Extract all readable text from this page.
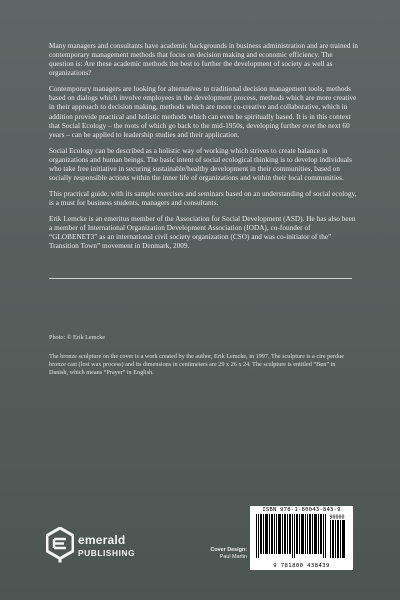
Many managers and consultants have academic backgrounds in business administration and are trained in contemporary management methods that focus on decision making and economic efficiency. The question is: Are these academic methods the best to further the development of society as well as organizations?

Contemporary managers are looking for alternatives to traditional decision management tools, methods based on dialogs which involve employees in the development process, methods which are more creative in their approach to decision making, methods which are more co-creative and collaborative, which in addition provide practical and holistic methods which can even be spiritually based. It is in this context that Social Ecology – the roots of which go back to the mid-1950s, developing further over the next 60 years – can be applied to leadership studies and their application.

Social Ecology can be described as a holistic way of working which strives to create balance in organizations and human beings. The basic intent of social ecological thinking is to develop individuals who take free initiative in securing sustainable/healthy development in their communities, based on socially responsible actions within the inner life of organizations and within their local communities.

This practical guide, with its sample exercises and seminars based on an understanding of social ecology, is a must for business students, managers and consultants.

Erik Lemcke is an emeritus member of the Association for Social Development (ASD). He has also been a member of International Organization Development Association (IODA), co-founder of “GLOBENET3” as an international civil society organization (CSO) and was co-initiator of the” Transition Town” movement in Denmark, 2009.

Photo: © Erik Lemcke
The bronze sculpture on the cover is a work created by the author, Erik Lemcke, in 1997. The sculpture is a cire perdue bronze cast (lost wax process) and its dimensions in centimeters are 29 x 26 x 24. The sculpture is entitled “Bøn” in Danish, which means “Prayer” in English.
emerald
PUBLISHING	Cover Design:
Paul Martin
ISBN 978-1-80043-843-9
90000
9 781800 438439
